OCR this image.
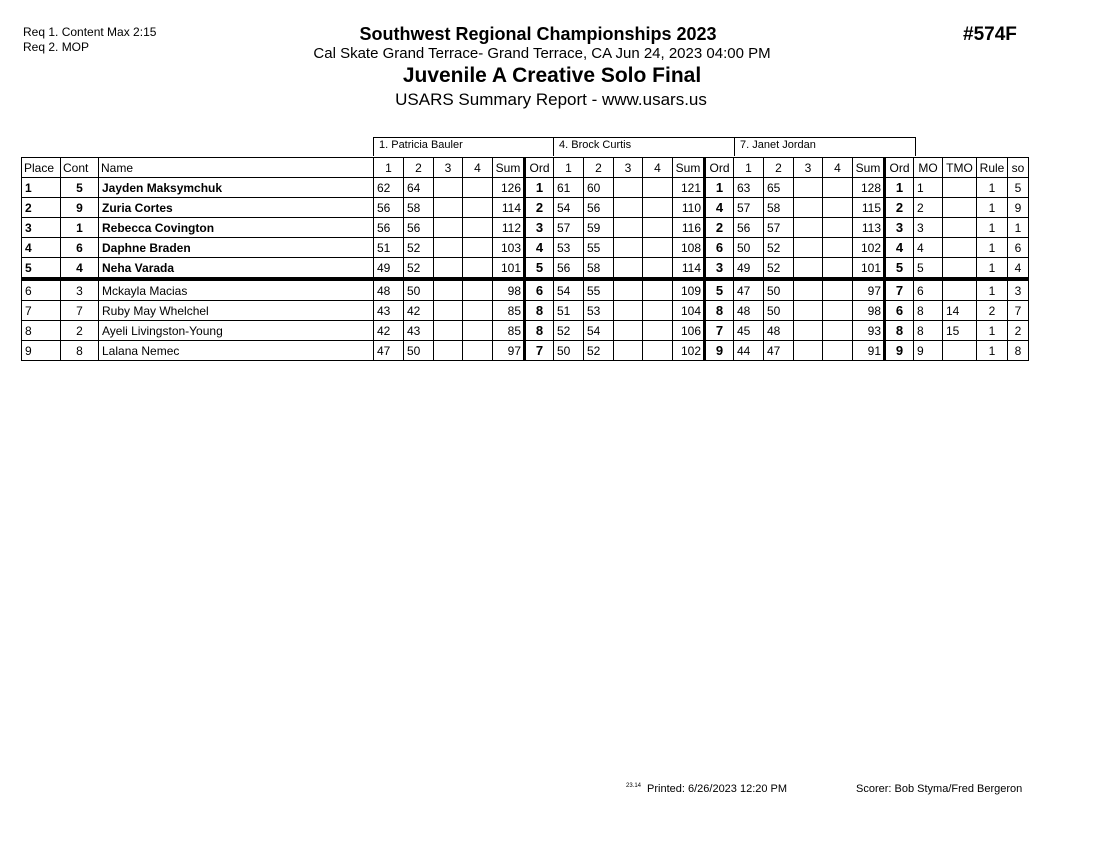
Req 1. Content Max 2:15
Req 2. MOP
Southwest Regional Championships 2023
Cal Skate Grand Terrace- Grand Terrace, CA Jun 24, 2023 04:00 PM
Juvenile A Creative Solo Final
USARS Summary Report - www.usars.us
#574F
1. Patricia Bauler	4. Brock Curtis	7. Janet Jordan
Place	Cont	Name	1	2	3	4	Sum	Ord	1	2	3	4	Sum	Ord	1	2	3	4	Sum	Ord	MO	TMO	Rule	so
1	5	Jayden Maksymchuk	62	64			126	1	61	60			121	1	63	65			128	1	1		1	5
2	9	Zuria Cortes	56	58			114	2	54	56			110	4	57	58			115	2	2		1	9
3	1	Rebecca Covington	56	56			112	3	57	59			116	2	56	57			113	3	3		1	1
4	6	Daphne Braden	51	52			103	4	53	55			108	6	50	52			102	4	4		1	6
5	4	Neha Varada	49	52			101	5	56	58			114	3	49	52			101	5	5		1	4
6	3	Mckayla Macias	48	50			98	6	54	55			109	5	47	50			97	7	6		1	3
7	7	Ruby May Whelchel	43	42			85	8	51	53			104	8	48	50			98	6	8	14	2	7
8	2	Ayeli Livingston-Young	42	43			85	8	52	54			106	7	45	48			93	8	8	15	1	2
9	8	Lalana Nemec	47	50			97	7	50	52			102	9	44	47			91	9	9		1	8
$^{23.14}$ Printed: 6/26/2023 12:20 PM	Scorer: Bob Styma/Fred Bergeron
